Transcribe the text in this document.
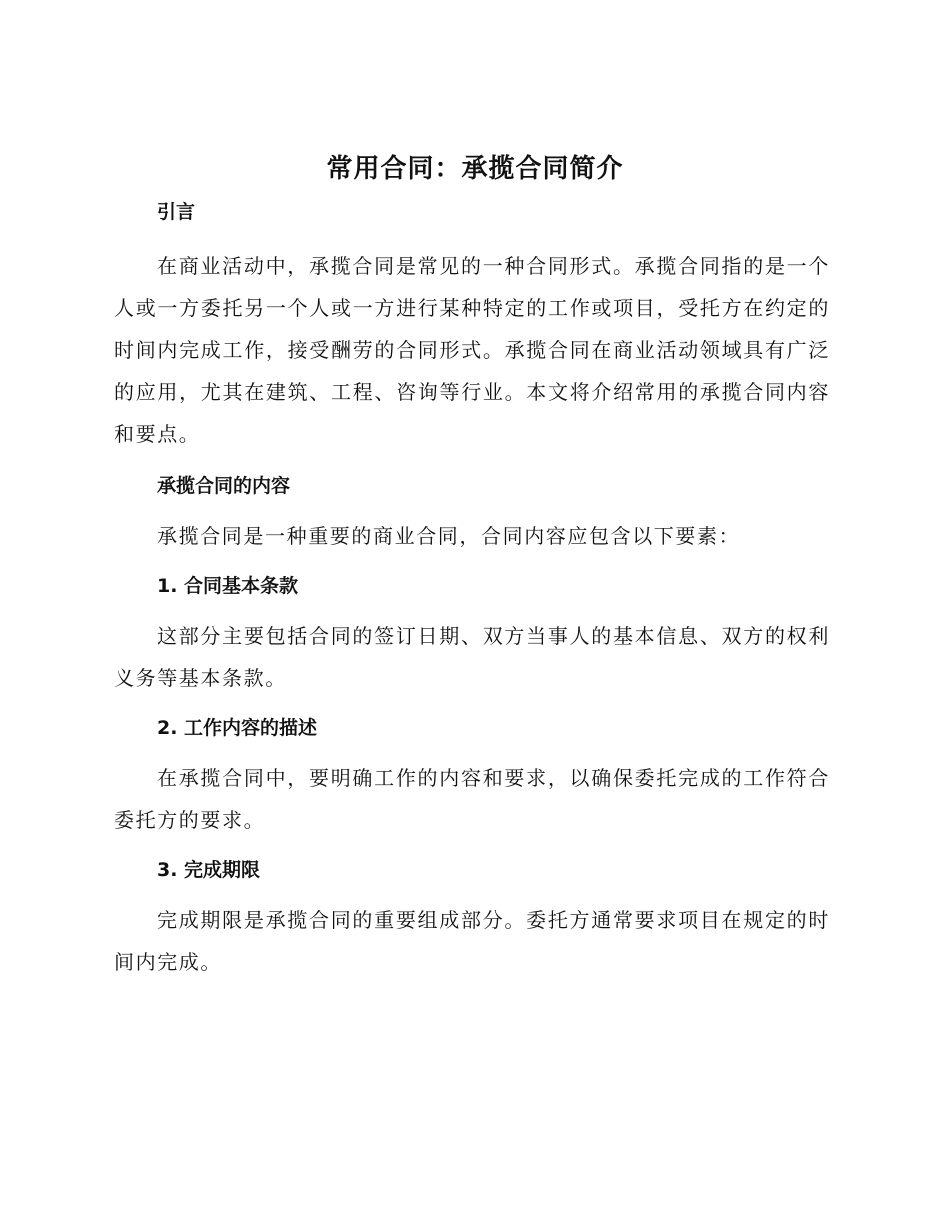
常用合同：承揽合同简介
引言

在商业活动中，承揽合同是常见的一种合同形式。承揽合同指的是一个人或一方委托另一个人或一方进行某种特定的工作或项目，受托方在约定的时间内完成工作，接受酬劳的合同形式。承揽合同在商业活动领域具有广泛的应用，尤其在建筑、工程、咨询等行业。本文将介绍常用的承揽合同内容和要点。

承揽合同的内容

承揽合同是一种重要的商业合同，合同内容应包含以下要素：

1. 合同基本条款

这部分主要包括合同的签订日期、双方当事人的基本信息、双方的权利义务等基本条款。

2. 工作内容的描述

在承揽合同中，要明确工作的内容和要求，以确保委托完成的工作符合委托方的要求。

3. 完成期限

完成期限是承揽合同的重要组成部分。委托方通常要求项目在规定的时间内完成。
